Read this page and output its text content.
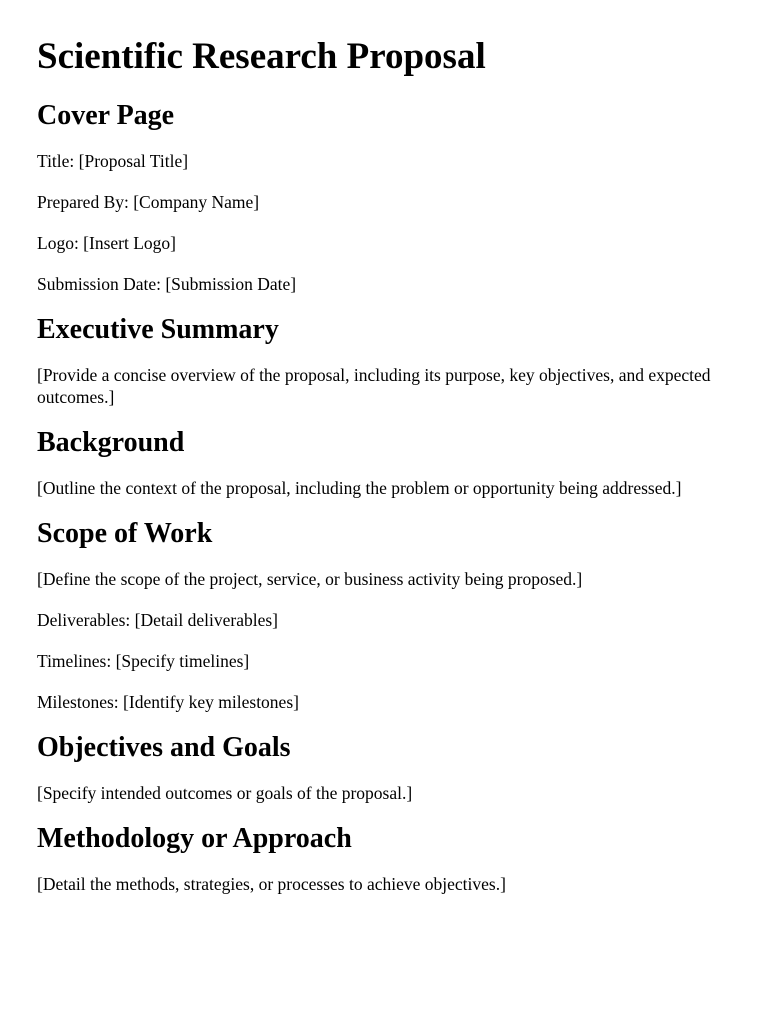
Scientific Research Proposal
Cover Page

Title: [Proposal Title]

Prepared By: [Company Name]

Logo: [Insert Logo]

Submission Date: [Submission Date]

Executive Summary

[Provide a concise overview of the proposal, including its purpose, key objectives, and expected outcomes.]

Background

[Outline the context of the proposal, including the problem or opportunity being addressed.]

Scope of Work

[Define the scope of the project, service, or business activity being proposed.]

Deliverables: [Detail deliverables]

Timelines: [Specify timelines]

Milestones: [Identify key milestones]

Objectives and Goals

[Specify intended outcomes or goals of the proposal.]

Methodology or Approach

[Detail the methods, strategies, or processes to achieve objectives.]
